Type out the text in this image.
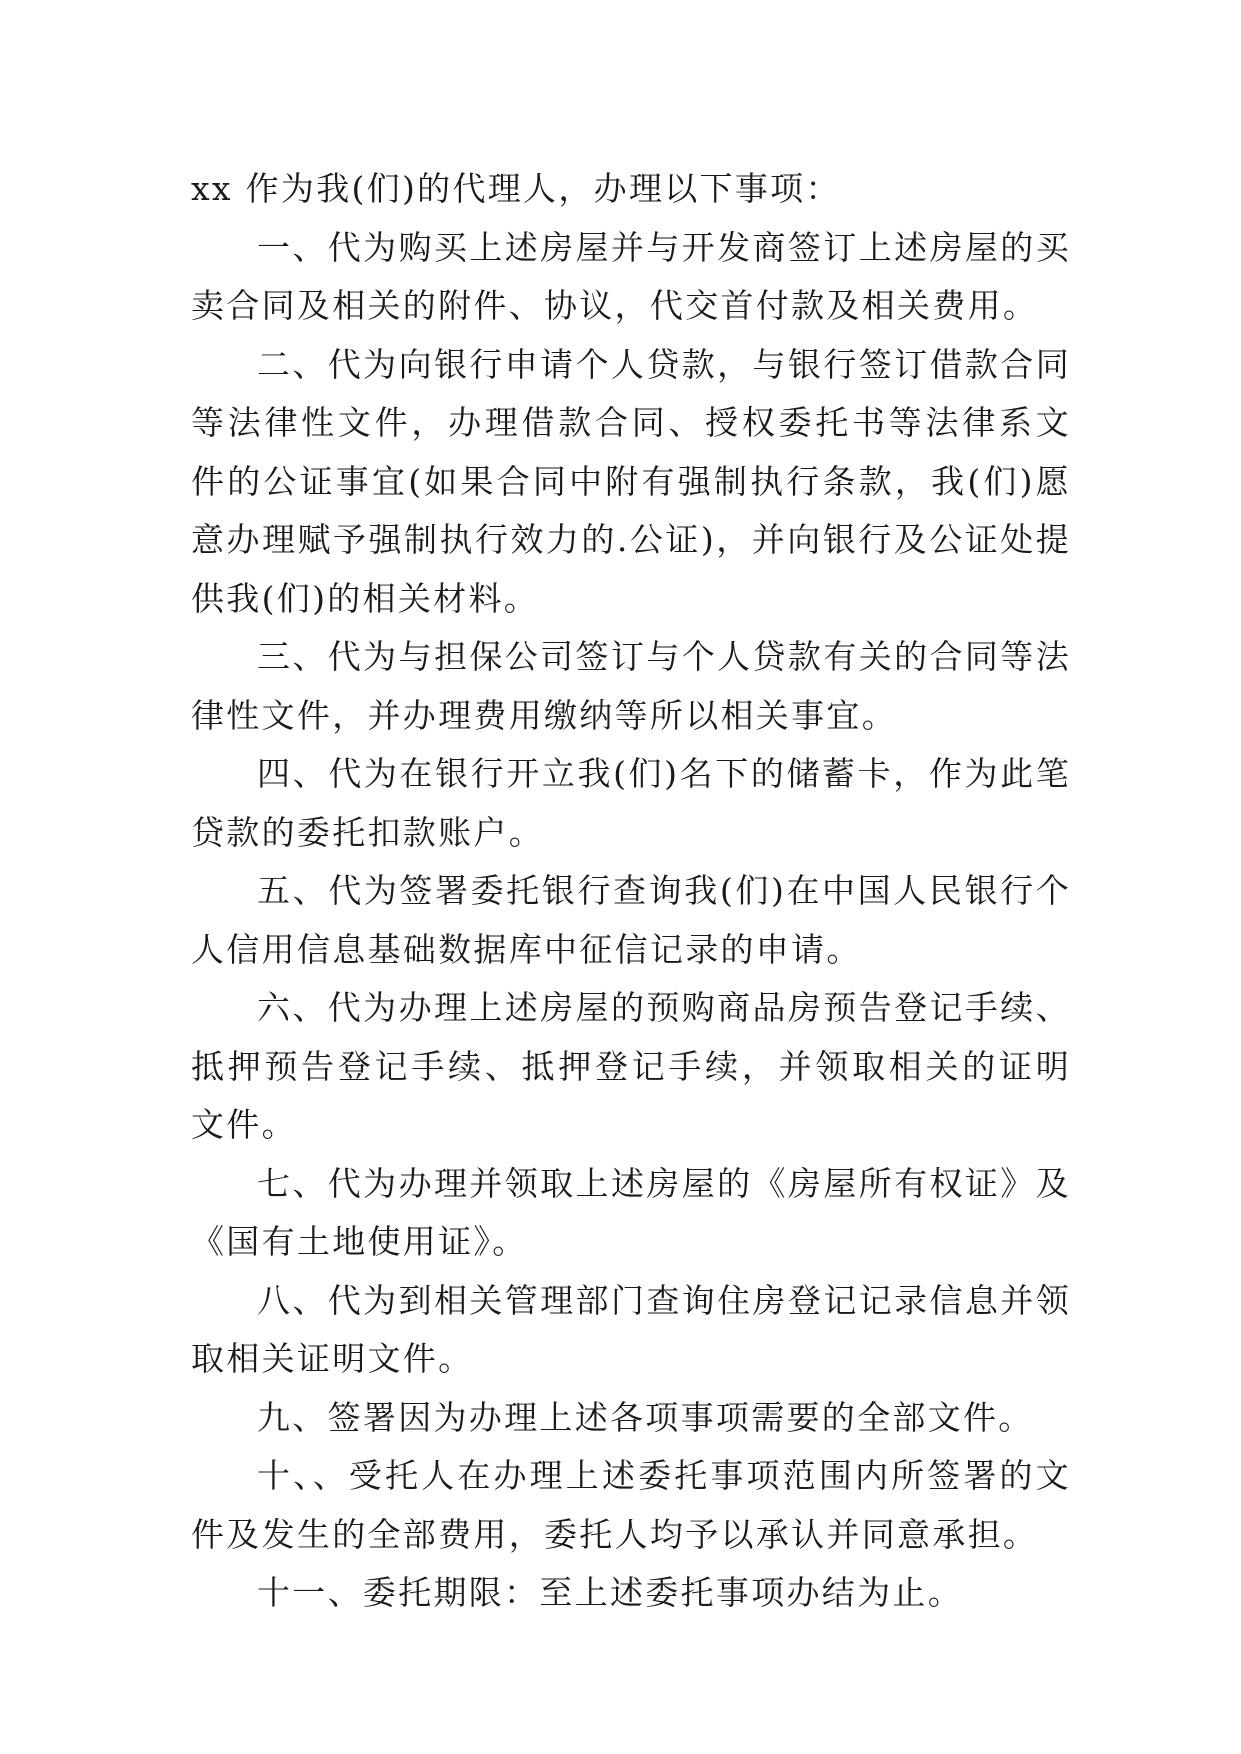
xx 作为我(们)的代理人，办理以下事项：

一、代为购买上述房屋并与开发商签订上述房屋的买卖合同及相关的附件、协议，代交首付款及相关费用。

二、代为向银行申请个人贷款，与银行签订借款合同等法律性文件，办理借款合同、授权委托书等法律系文件的公证事宜(如果合同中附有强制执行条款，我(们)愿意办理赋予强制执行效力的.公证)，并向银行及公证处提供我(们)的相关材料。

三、代为与担保公司签订与个人贷款有关的合同等法律性文件，并办理费用缴纳等所以相关事宜。

四、代为在银行开立我(们)名下的储蓄卡，作为此笔贷款的委托扣款账户。

五、代为签署委托银行查询我(们)在中国人民银行个人信用信息基础数据库中征信记录的申请。

六、代为办理上述房屋的预购商品房预告登记手续、抵押预告登记手续、抵押登记手续，并领取相关的证明文件。

七、代为办理并领取上述房屋的《房屋所有权证》及《国有土地使用证》。

八、代为到相关管理部门查询住房登记记录信息并领取相关证明文件。

九、签署因为办理上述各项事项需要的全部文件。

十、、受托人在办理上述委托事项范围内所签署的文件及发生的全部费用，委托人均予以承认并同意承担。

十一、委托期限：至上述委托事项办结为止。
